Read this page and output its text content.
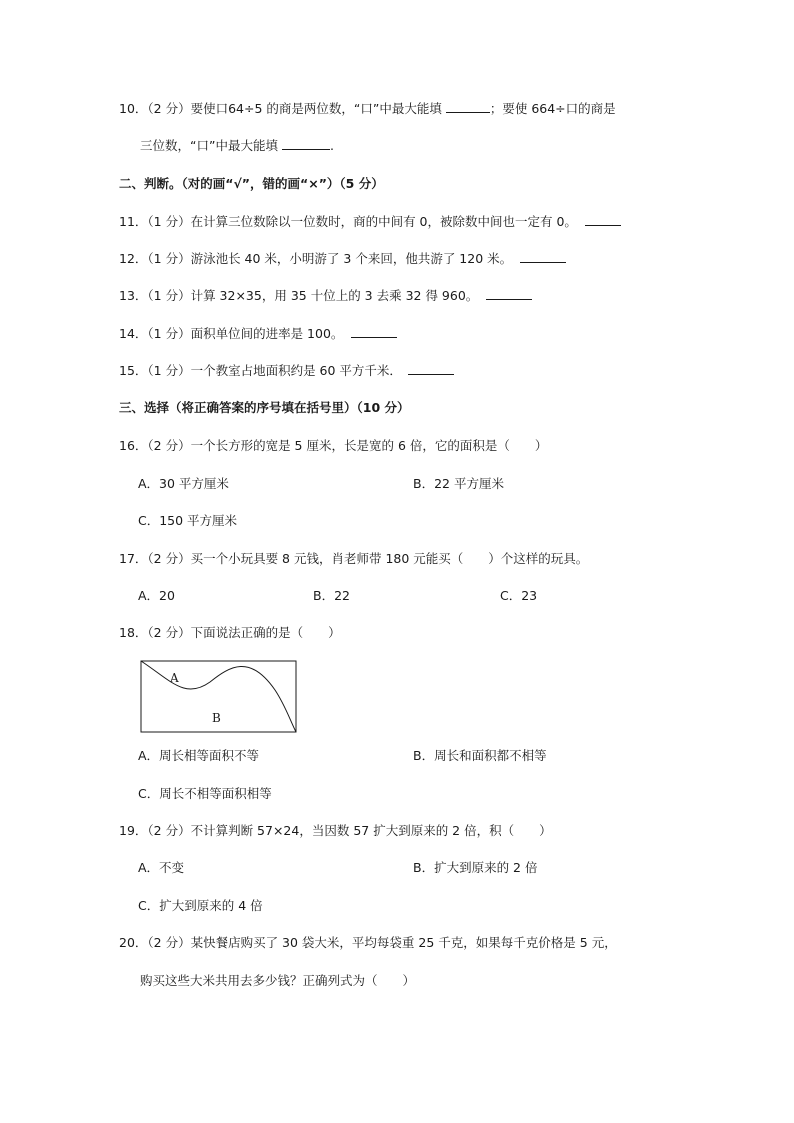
10．（2 分）要使口64÷5 的商是两位数，“口”中最大能填	；要使 664÷口的商是
三位数，“口”中最大能填	.
二、判断。（对的画“√”，错的画“×”）（5 分）
11．（1 分）在计算三位数除以一位数时，商的中间有 0，被除数中间也一定有 0。
12．（1 分）游泳池长 40 米，小明游了 3 个来回，他共游了 120 米。
13．（1 分）计算 32×35，用 35 十位上的 3 去乘 32 得 960。
14．（1 分）面积单位间的进率是 100。
15．（1 分）一个教室占地面积约是 60 平方千米．
三、选择（将正确答案的序号填在括号里）（10 分）
16．（2 分）一个长方形的宽是 5 厘米，长是宽的 6 倍，它的面积是（　　）
A．30 平方厘米	B．22 平方厘米
C．150 平方厘米
17．（2 分）买一个小玩具要 8 元钱，肖老师带 180 元能买（　　）个这样的玩具。
A．20	B．22	C．23
18．（2 分）下面说法正确的是（　　）
A
B
A．周长相等面积不等	B．周长和面积都不相等
C．周长不相等面积相等
19．（2 分）不计算判断 57×24，当因数 57 扩大到原来的 2 倍，积（　　）
A．不变	B．扩大到原来的 2 倍
C．扩大到原来的 4 倍
20．（2 分）某快餐店购买了 30 袋大米，平均每袋重 25 千克，如果每千克价格是 5 元，
购买这些大米共用去多少钱？正确列式为（　　）
